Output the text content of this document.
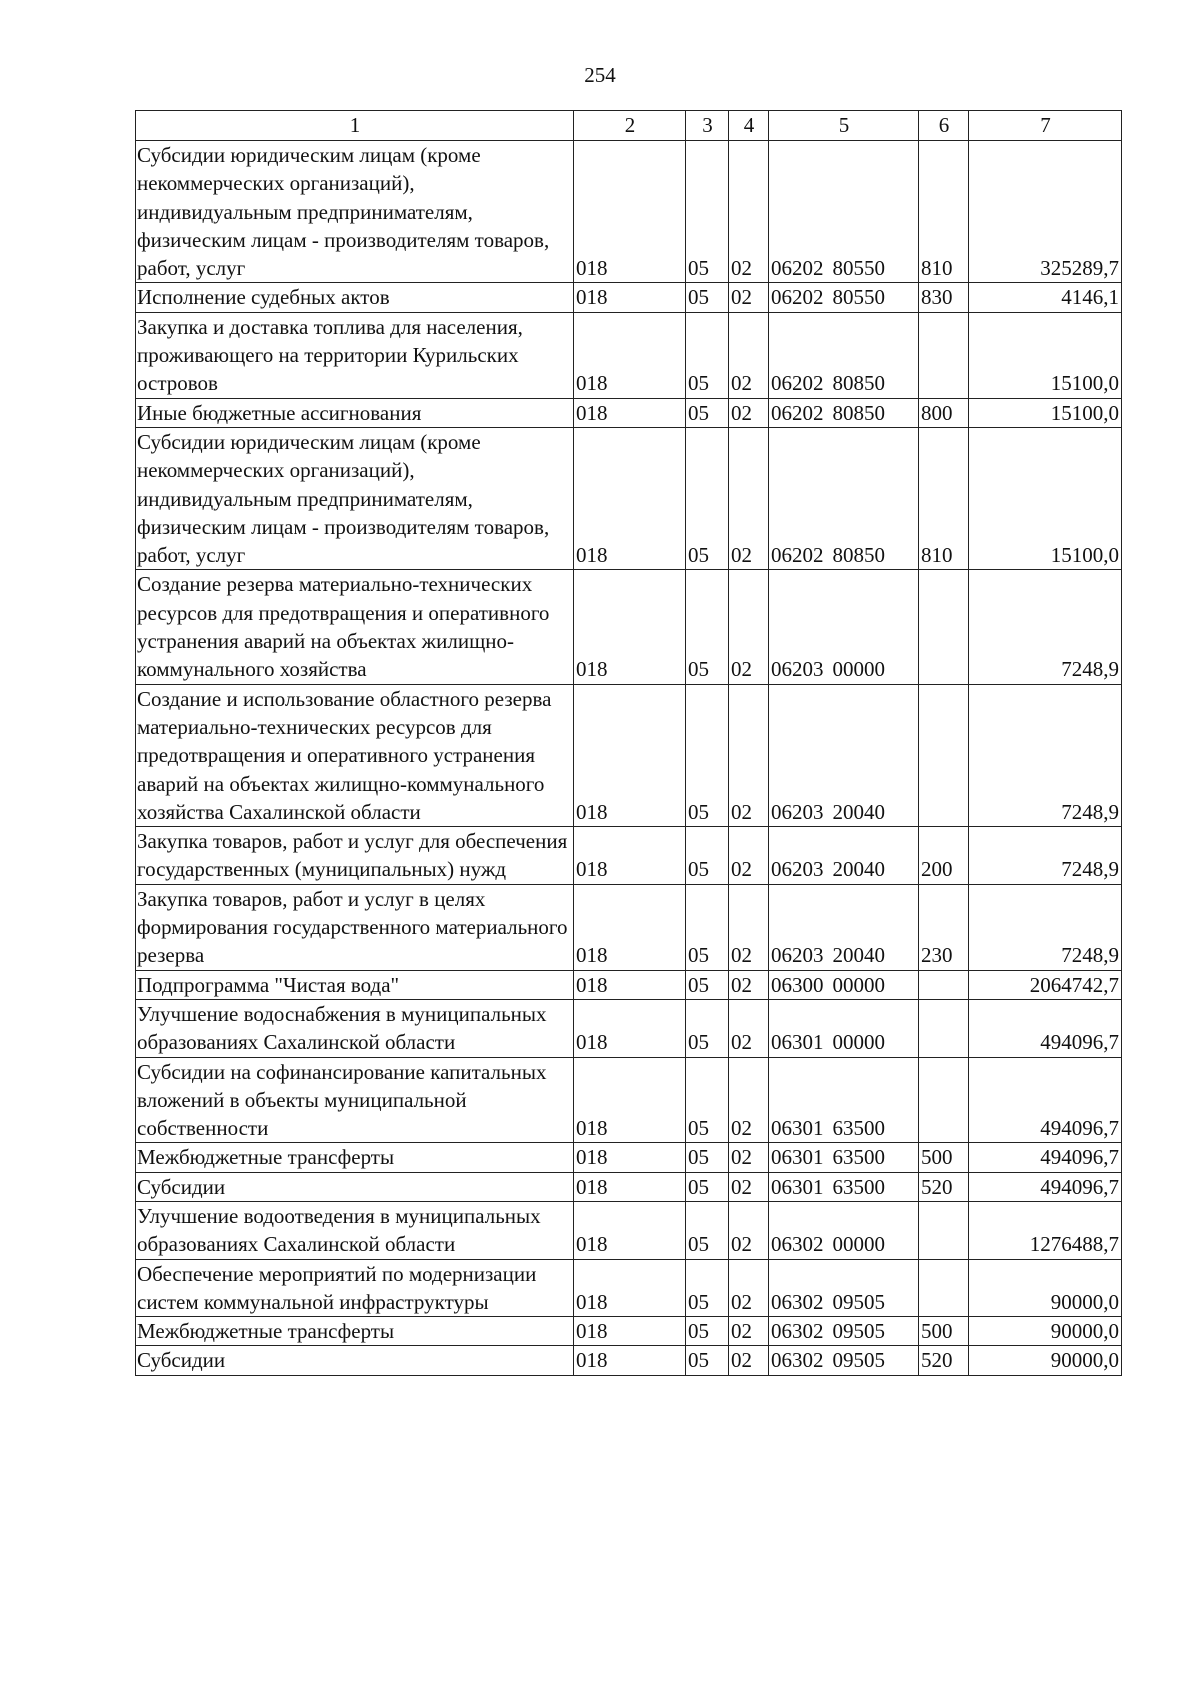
254
1	2	3	4	5	6	7
Субсидии юридическим лицам (кроме некоммерческих организаций), индивидуальным предпринимателям, физическим лицам - производителям товаров, работ, услуг	018	05	02	06202 80550	810	325289,7
Исполнение судебных актов	018	05	02	06202 80550	830	4146,1
Закупка и доставка топлива для населения, проживающего на территории Курильских островов	018	05	02	06202 80850		15100,0
Иные бюджетные ассигнования	018	05	02	06202 80850	800	15100,0
Субсидии юридическим лицам (кроме некоммерческих организаций), индивидуальным предпринимателям, физическим лицам - производителям товаров, работ, услуг	018	05	02	06202 80850	810	15100,0
Создание резерва материально-технических ресурсов для предотвращения и оперативного устранения аварий на объектах жилищно-коммунального хозяйства	018	05	02	06203 00000		7248,9
Создание и использование областного резерва материально-технических ресурсов для предотвращения и оперативного устранения аварий на объектах жилищно-коммунального хозяйства Сахалинской области	018	05	02	06203 20040		7248,9
Закупка товаров, работ и услуг для обеспечения государственных (муниципальных) нужд	018	05	02	06203 20040	200	7248,9
Закупка товаров, работ и услуг в целях формирования государственного материального резерва	018	05	02	06203 20040	230	7248,9
Подпрограмма "Чистая вода"	018	05	02	06300 00000		2064742,7
Улучшение водоснабжения в муниципальных образованиях Сахалинской области	018	05	02	06301 00000		494096,7
Субсидии на софинансирование капитальных вложений в объекты муниципальной собственности	018	05	02	06301 63500		494096,7
Межбюджетные трансферты	018	05	02	06301 63500	500	494096,7
Субсидии	018	05	02	06301 63500	520	494096,7
Улучшение водоотведения в муниципальных образованиях Сахалинской области	018	05	02	06302 00000		1276488,7
Обеспечение мероприятий по модернизации систем коммунальной инфраструктуры	018	05	02	06302 09505		90000,0
Межбюджетные трансферты	018	05	02	06302 09505	500	90000,0
Субсидии	018	05	02	06302 09505	520	90000,0
